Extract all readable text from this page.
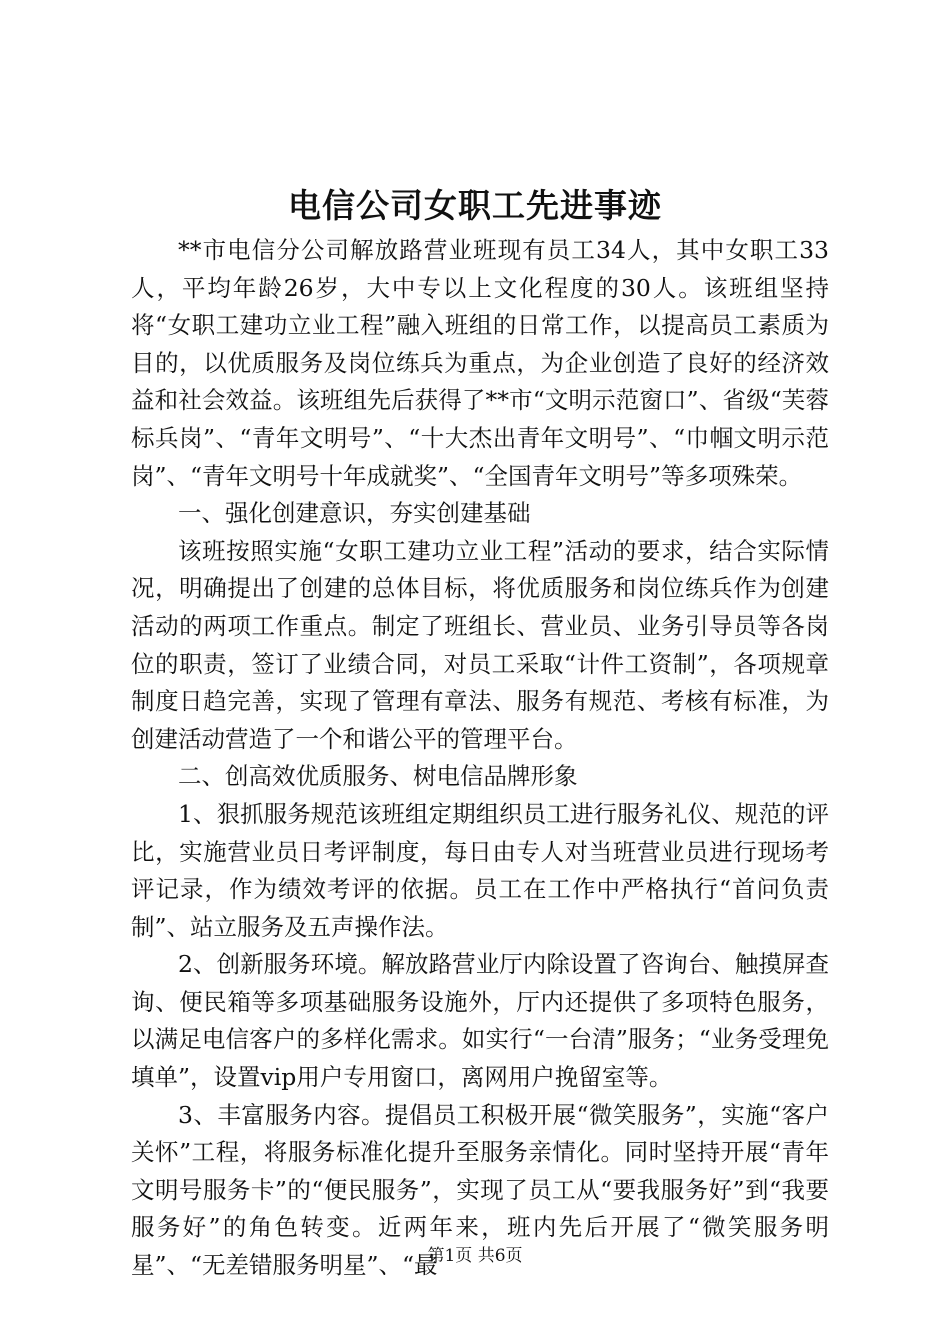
电信公司女职工先进事迹

**市电信分公司解放路营业班现有员工34人，其中女职工33人，平均年龄26岁，大中专以上文化程度的30人。该班组坚持将“女职工建功立业工程”融入班组的日常工作，以提高员工素质为目的，以优质服务及岗位练兵为重点，为企业创造了良好的经济效益和社会效益。该班组先后获得了**市“文明示范窗口”、省级“芙蓉标兵岗”、“青年文明号”、“十大杰出青年文明号”、“巾帼文明示范岗”、“青年文明号十年成就奖”、“全国青年文明号”等多项殊荣。

一、强化创建意识，夯实创建基础

该班按照实施“女职工建功立业工程”活动的要求，结合实际情况，明确提出了创建的总体目标，将优质服务和岗位练兵作为创建活动的两项工作重点。制定了班组长、营业员、业务引导员等各岗位的职责，签订了业绩合同，对员工采取“计件工资制”，各项规章制度日趋完善，实现了管理有章法、服务有规范、考核有标准，为创建活动营造了一个和谐公平的管理平台。

二、创高效优质服务、树电信品牌形象

1、狠抓服务规范该班组定期组织员工进行服务礼仪、规范的评比，实施营业员日考评制度，每日由专人对当班营业员进行现场考评记录，作为绩效考评的依据。员工在工作中严格执行“首问负责制”、站立服务及五声操作法。

2、创新服务环境。解放路营业厅内除设置了咨询台、触摸屏查询、便民箱等多项基础服务设施外，厅内还提供了多项特色服务，以满足电信客户的多样化需求。如实行“一台清”服务；“业务受理免填单”，设置vip用户专用窗口，离网用户挽留室等。

3、丰富服务内容。提倡员工积极开展“微笑服务”，实施“客户关怀”工程，将服务标准化提升至服务亲情化。同时坚持开展“青年文明号服务卡”的“便民服务”，实现了员工从“要我服务好”到“我要服务好”的角色转变。近两年来，班内先后开展了“微笑服务明星”、“无差错服务明星”、“最

第1页 共6页
